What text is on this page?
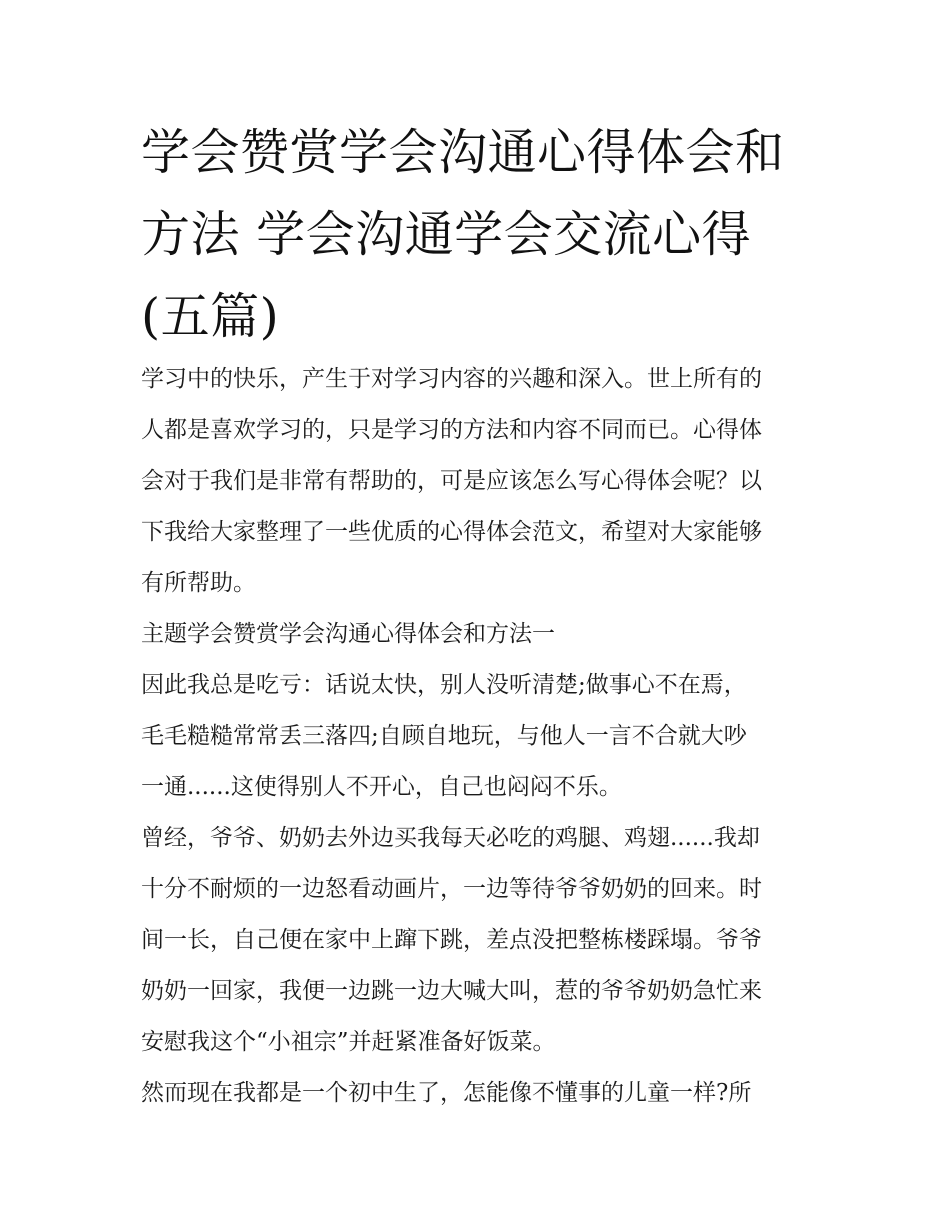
学会赞赏学会沟通心得体会和
方法 学会沟通学会交流心得
(五篇)

学习中的快乐，产生于对学习内容的兴趣和深入。世上所有的
人都是喜欢学习的，只是学习的方法和内容不同而已。心得体
会对于我们是非常有帮助的，可是应该怎么写心得体会呢？以
下我给大家整理了一些优质的心得体会范文，希望对大家能够
有所帮助。

主题学会赞赏学会沟通心得体会和方法一

因此我总是吃亏：话说太快，别人没听清楚;做事心不在焉，
毛毛糙糙常常丢三落四;自顾自地玩，与他人一言不合就大吵
一通......这使得别人不开心，自己也闷闷不乐。

曾经，爷爷、奶奶去外边买我每天必吃的鸡腿、鸡翅......我却
十分不耐烦的一边怒看动画片，一边等待爷爷奶奶的回来。时
间一长，自己便在家中上蹿下跳，差点没把整栋楼踩塌。爷爷
奶奶一回家，我便一边跳一边大喊大叫，惹的爷爷奶奶急忙来
安慰我这个“小祖宗”并赶紧准备好饭菜。

然而现在我都是一个初中生了，怎能像不懂事的儿童一样?所
